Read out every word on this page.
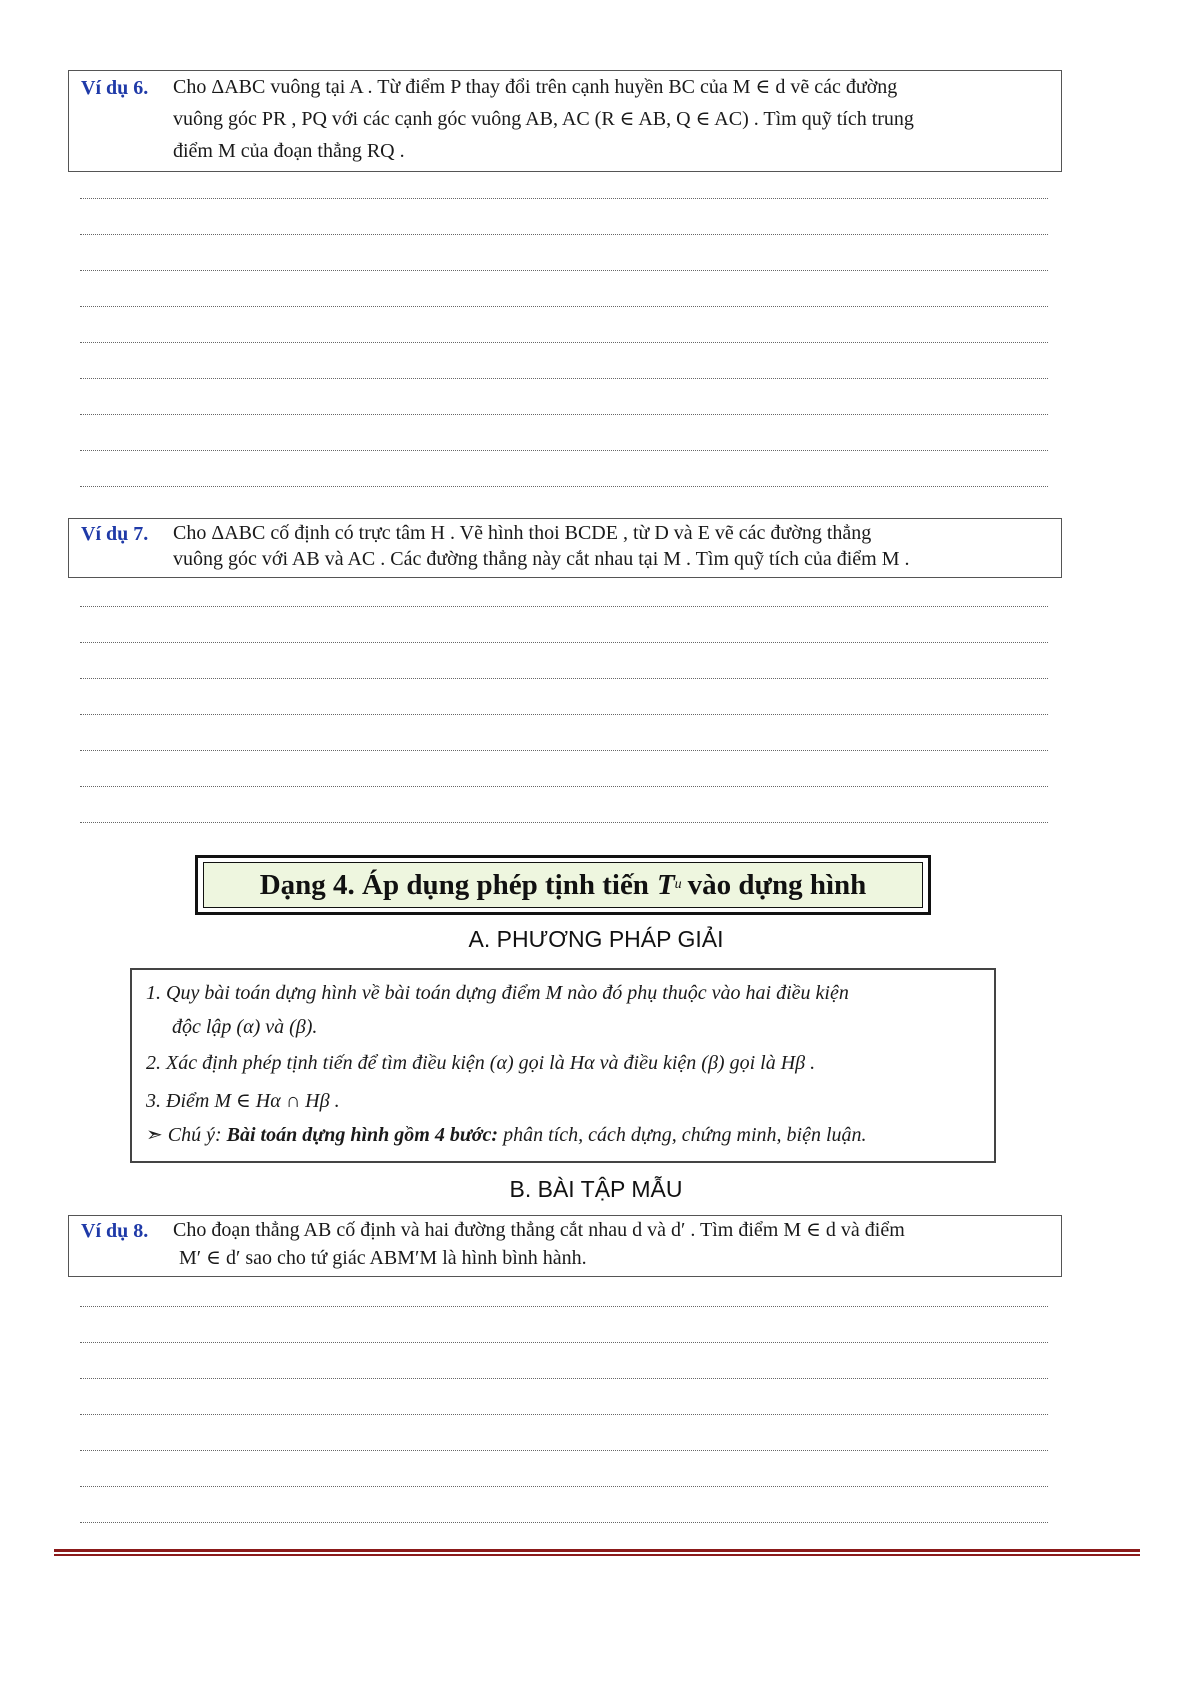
Ví dụ 6. Cho ΔABC vuông tại A . Từ điểm P thay đổi trên cạnh huyền BC của M ∈ d vẽ các đường
vuông góc PR , PQ với các cạnh góc vuông AB, AC (R ∈ AB, Q ∈ AC) . Tìm quỹ tích trung
điểm M của đoạn thẳng RQ .
Ví dụ 7. Cho ΔABC cố định có trực tâm H . Vẽ hình thoi BCDE , từ D và E vẽ các đường thẳng
vuông góc với AB và AC . Các đường thẳng này cắt nhau tại M . Tìm quỹ tích của điểm M .
Dạng 4. Áp dụng phép tịnh tiến T u vào dựng hình
A. PHƯƠNG PHÁP GIẢI
1. Quy bài toán dựng hình về bài toán dựng điểm M nào đó phụ thuộc vào hai điều kiện
độc lập (α) và (β).
2. Xác định phép tịnh tiến để tìm điều kiện (α) gọi là Hα và điều kiện (β) gọi là Hβ .
3. Điểm M ∈ Hα ∩ Hβ .
➣ Chú ý: Bài toán dựng hình gồm 4 bước: phân tích, cách dựng, chứng minh, biện luận.
B. BÀI TẬP MẪU
Ví dụ 8. Cho đoạn thẳng AB cố định và hai đường thẳng cắt nhau d và d′ . Tìm điểm M ∈ d và điểm
M′ ∈ d′ sao cho tứ giác ABM′M là hình bình hành.
